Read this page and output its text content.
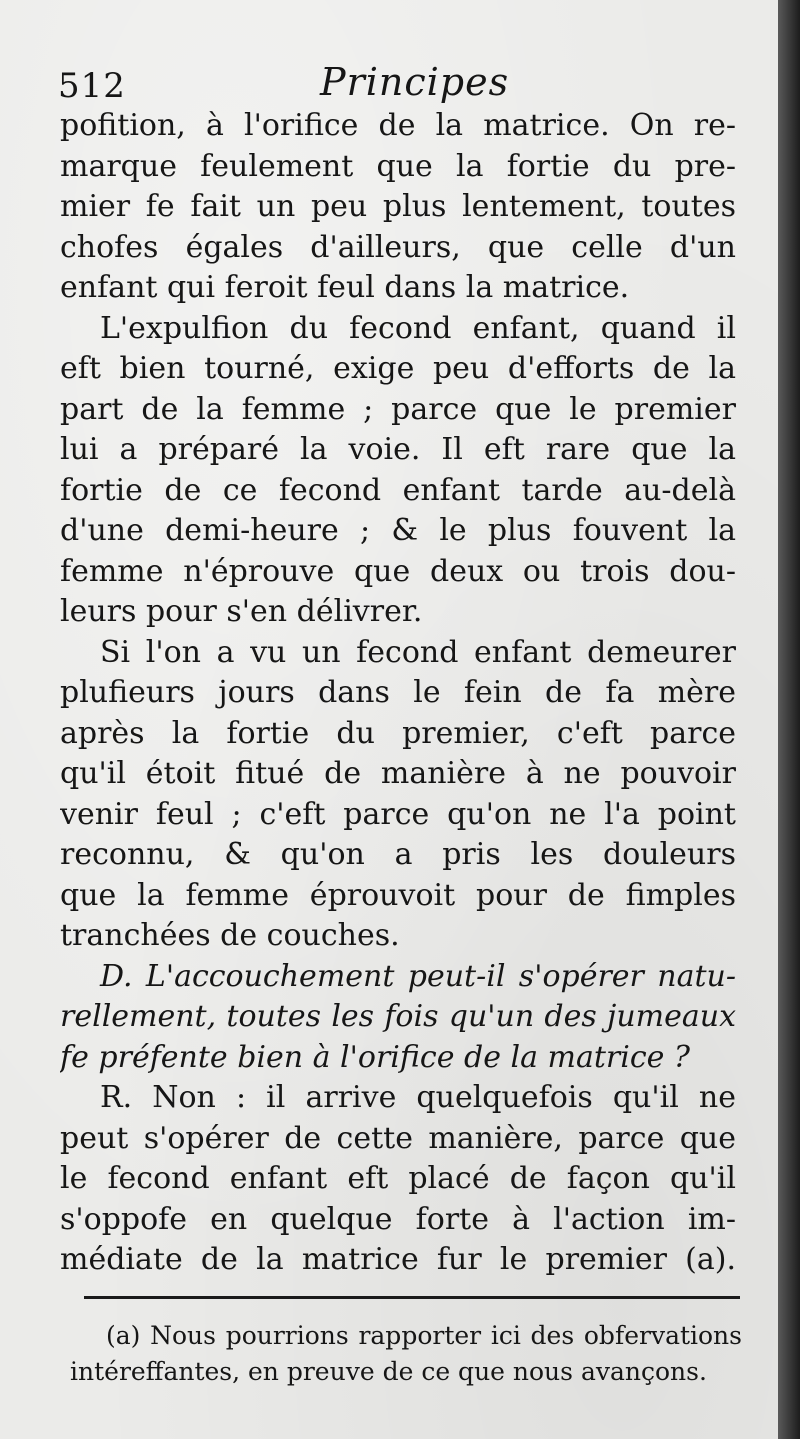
512	Principes
pofition, à l'orifice de la matrice. On re-
marque feulement que la fortie du pre-
mier fe fait un peu plus lentement, toutes
chofes égales d'ailleurs, que celle d'un
enfant qui feroit feul dans la matrice.
L'expulfion du fecond enfant, quand il
eft bien tourné, exige peu d'efforts de la
part de la femme ; parce que le premier
lui a préparé la voie. Il eft rare que la
fortie de ce fecond enfant tarde au-delà
d'une demi-heure ; & le plus fouvent la
femme n'éprouve que deux ou trois dou-
leurs pour s'en délivrer.
Si l'on a vu un fecond enfant demeurer
plufieurs jours dans le fein de fa mère
après la fortie du premier, c'eft parce
qu'il étoit fitué de manière à ne pouvoir
venir feul ; c'eft parce qu'on ne l'a point
reconnu, & qu'on a pris les douleurs
que la femme éprouvoit pour de fimples
tranchées de couches.
D. L'accouchement peut-il s'opérer natu-
rellement, toutes les fois qu'un des jumeaux
fe préfente bien à l'orifice de la matrice ?
R. Non : il arrive quelquefois qu'il ne
peut s'opérer de cette manière, parce que
le fecond enfant eft placé de façon qu'il
s'oppofe en quelque forte à l'action im-
médiate de la matrice fur le premier (a).
(a) Nous pourrions rapporter ici des obfervations
intéreffantes, en preuve de ce que nous avançons.
